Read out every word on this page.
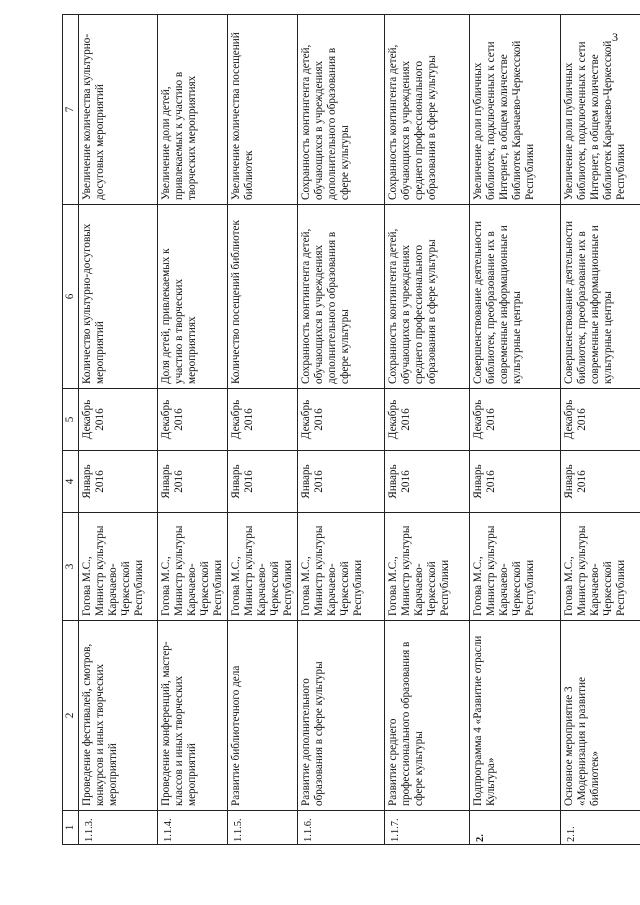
3
1	2	3	4	5	6	7
1.1.3.	Проведение фестивалей, смотров, конкурсов и иных творческих мероприятий	Гогова М.С., Министр культуры Карачаево-Черкесской Республики	Январь 2016	Декабрь 2016	Количество культурно-досуговых мероприятий	Увеличение количества культурно-досуговых мероприятий
1.1.4.	Проведение конференций, мастер-классов и иных творческих мероприятий	Гогова М.С., Министр культуры Карачаево-Черкесской Республики	Январь 2016	Декабрь 2016	Доля детей, привлекаемых к участию в творческих мероприятиях	Увеличение доли детей, привлекаемых к участию в творческих мероприятиях
1.1.5.	Развитие библиотечного дела	Гогова М.С., Министр культуры Карачаево-Черкесской Республики	Январь 2016	Декабрь 2016	Количество посещений библиотек	Увеличение количества посещений библиотек
1.1.6.	Развитие дополнительного образования в сфере культуры	Гогова М.С., Министр культуры Карачаево-Черкесской Республики	Январь 2016	Декабрь 2016	Сохранность контингента детей, обучающихся в учреждениях дополнительного образования в сфере культуры	Сохранность контингента детей, обучающихся в учреждениях дополнительного образования в сфере культуры
1.1.7.	Развитие среднего профессионального образования в сфере культуры	Гогова М.С., Министр культуры Карачаево-Черкесской Республики	Январь 2016	Декабрь 2016	Сохранность контингента детей, обучающихся в учреждениях среднего профессионального образования в сфере культуры	Сохранность контингента детей, обучающихся в учреждениях среднего профессионального образования в сфере культуры
2.	Подпрограмма 4 «Развитие отрасли Культура»	Гогова М.С., Министр культуры Карачаево-Черкесской Республики	Январь 2016	Декабрь 2016	Совершенствование деятельности библиотек, преобразование их в современные информационные и культурные центры	Увеличение доли публичных библиотек, подключенных к сети Интернет, в общем количестве библиотек Карачаево-Черкесской Республики
2.1.	Основное мероприятие 3 «Модернизация и развитие библиотек»	Гогова М.С., Министр культуры Карачаево-Черкесской Республики	Январь 2016	Декабрь 2016	Совершенствование деятельности библиотек, преобразование их в современные информационные и культурные центры	Увеличение доли публичных библиотек, подключенных к сети Интернет, в общем количестве библиотек Карачаево-Черкесской Республики
